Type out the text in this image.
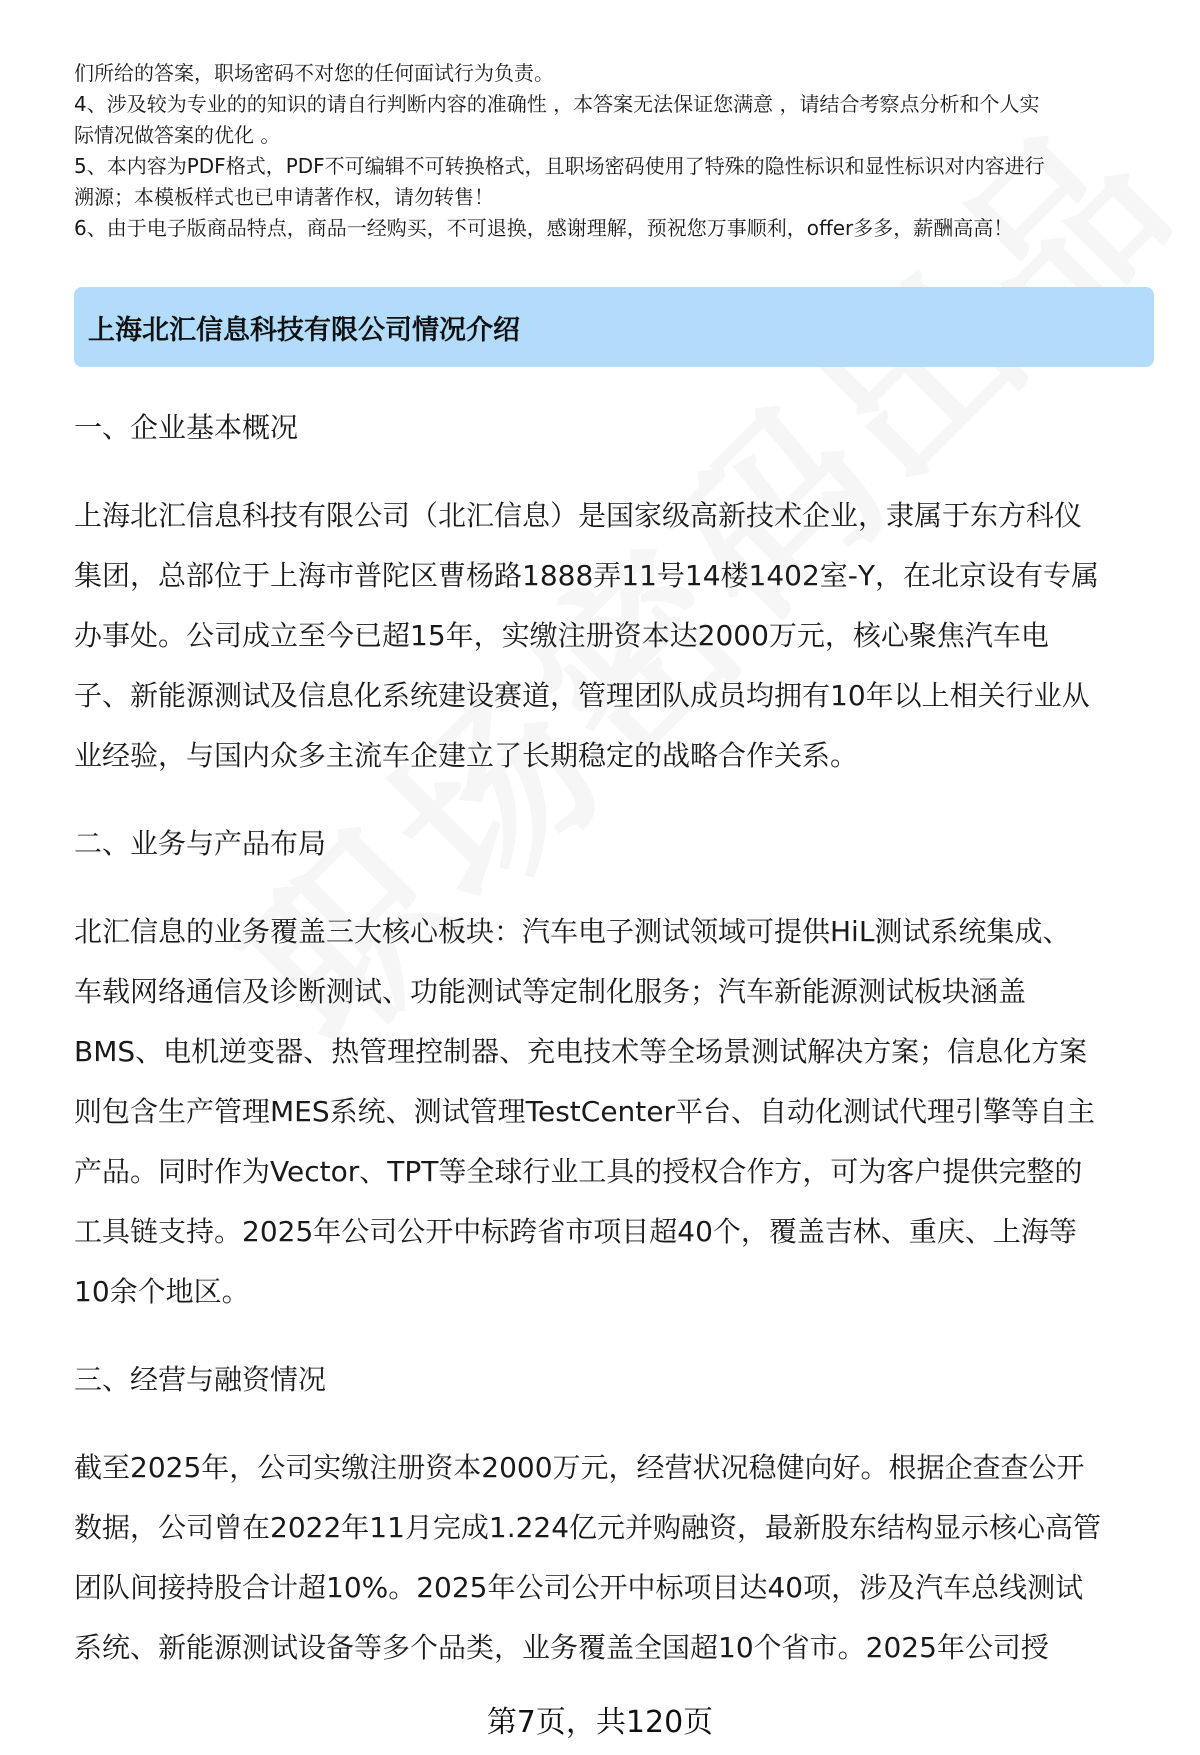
们所给的答案，职场密码不对您的任何面试行为负责。
4、涉及较为专业的的知识的请自行判断内容的准确性 ，本答案无法保证您满意 ，请结合考察点分析和个人实
际情况做答案的优化 。
5、本内容为PDF格式，PDF不可编辑不可转换格式，且职场密码使用了特殊的隐性标识和显性标识对内容进行
溯源；本模板样式也已申请著作权，请勿转售！
6、由于电子版商品特点，商品一经购买，不可退换，感谢理解，预祝您万事顺利，offer多多，薪酬高高！
上海北汇信息科技有限公司情况介绍
一、企业基本概况
上海北汇信息科技有限公司（北汇信息）是国家级高新技术企业，隶属于东方科仪
集团，总部位于上海市普陀区曹杨路1888弄11号14楼1402室-Y，在北京设有专属
办事处。公司成立至今已超15年，实缴注册资本达2000万元，核心聚焦汽车电
子、新能源测试及信息化系统建设赛道，管理团队成员均拥有10年以上相关行业从
业经验，与国内众多主流车企建立了长期稳定的战略合作关系。
二、业务与产品布局
北汇信息的业务覆盖三大核心板块：汽车电子测试领域可提供HiL测试系统集成、
车载网络通信及诊断测试、功能测试等定制化服务；汽车新能源测试板块涵盖
BMS、电机逆变器、热管理控制器、充电技术等全场景测试解决方案；信息化方案
则包含生产管理MES系统、测试管理TestCenter平台、自动化测试代理引擎等自主
产品。同时作为Vector、TPT等全球行业工具的授权合作方，可为客户提供完整的
工具链支持。2025年公司公开中标跨省市项目超40个，覆盖吉林、重庆、上海等
10余个地区。
三、经营与融资情况
截至2025年，公司实缴注册资本2000万元，经营状况稳健向好。根据企查查公开
数据，公司曾在2022年11月完成1.224亿元并购融资，最新股东结构显示核心高管
团队间接持股合计超10%。2025年公司公开中标项目达40项，涉及汽车总线测试
系统、新能源测试设备等多个品类，业务覆盖全国超10个省市。2025年公司授
第7页，共120页
